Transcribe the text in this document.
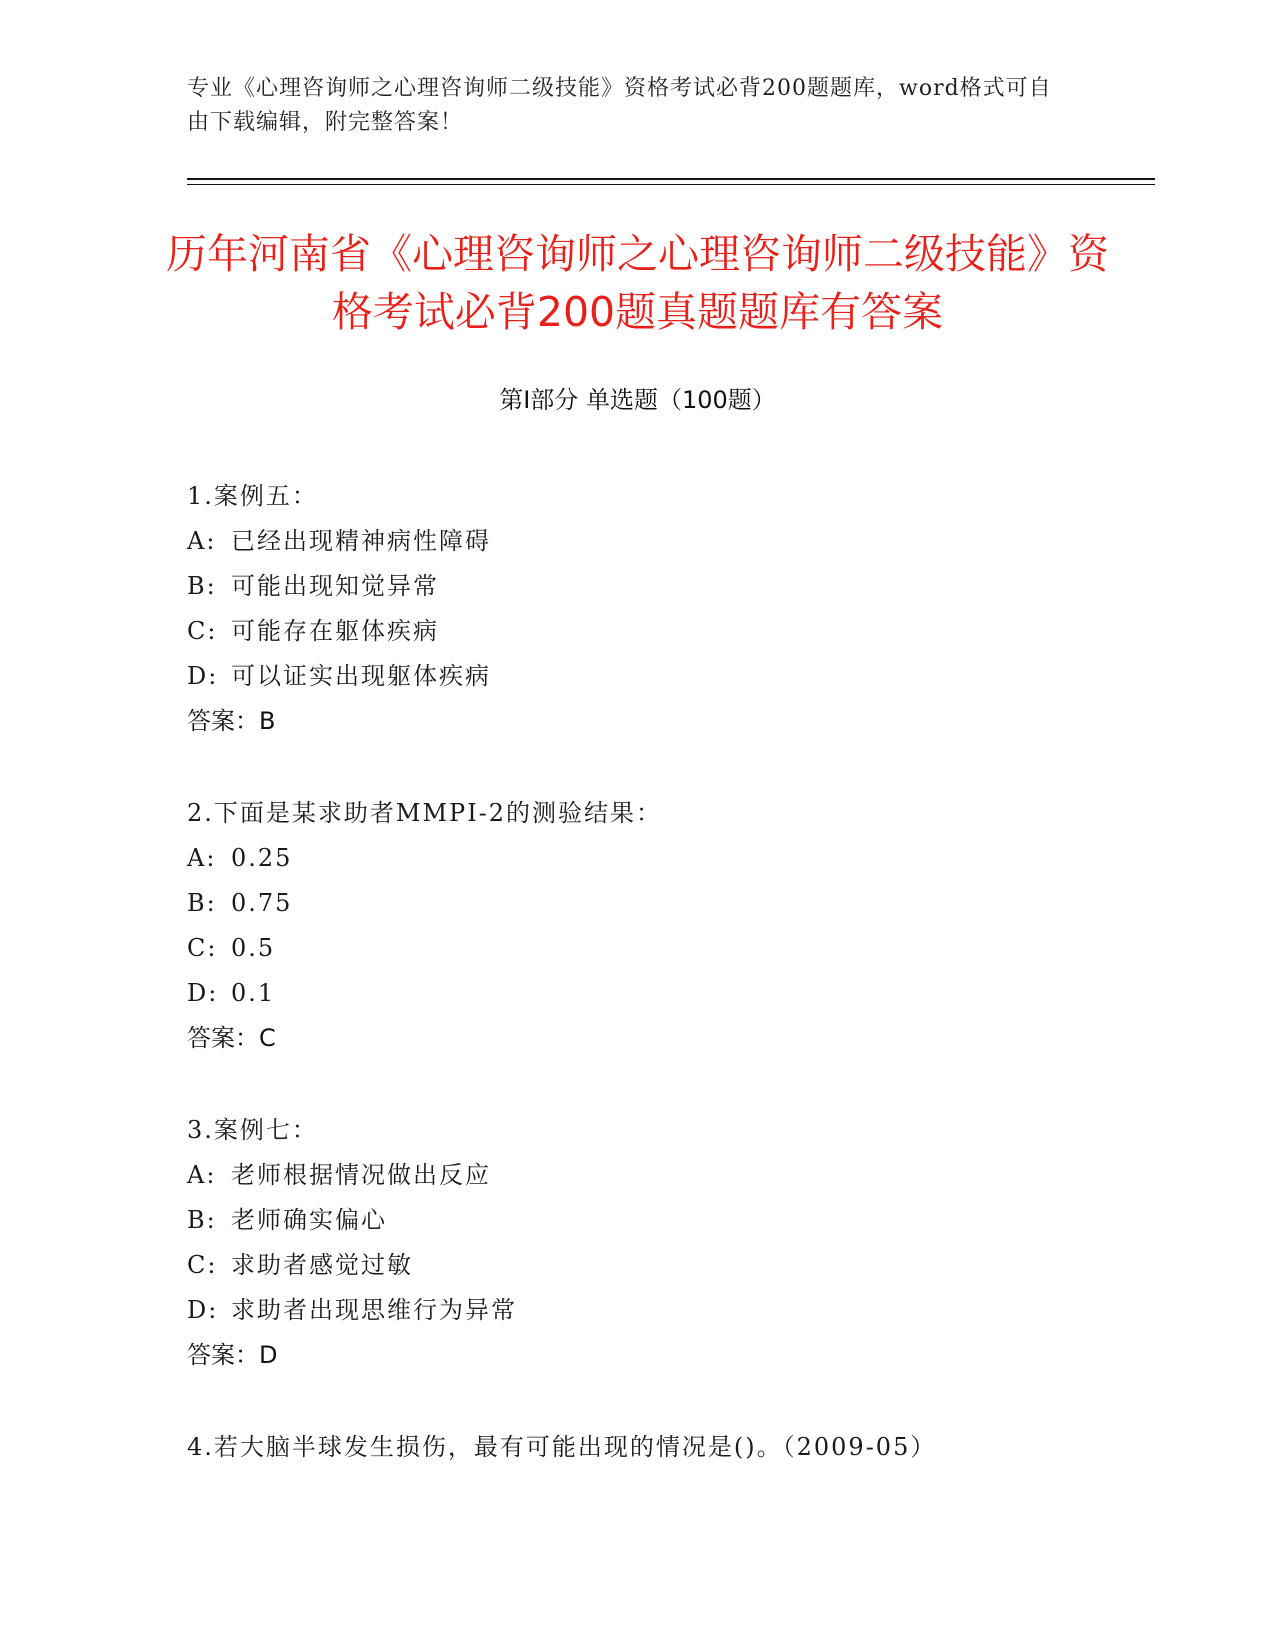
专业《心理咨询师之心理咨询师二级技能》资格考试必背200题题库，word格式可自由下载编辑，附完整答案！
历年河南省《心理咨询师之心理咨询师二级技能》资格考试必背200题真题题库有答案
第Ⅰ部分 单选题（100题）
1.案例五：
A: 已经出现精神病性障碍
B: 可能出现知觉异常
C: 可能存在躯体疾病
D: 可以证实出现躯体疾病
答案：B
2.下面是某求助者MMPI-2的测验结果：
A: 0.25
B: 0.75
C: 0.5
D: 0.1
答案：C
3.案例七：
A: 老师根据情况做出反应
B: 老师确实偏心
C: 求助者感觉过敏
D: 求助者出现思维行为异常
答案：D
4.若大脑半球发生损伤，最有可能出现的情况是()。（2009-05）
